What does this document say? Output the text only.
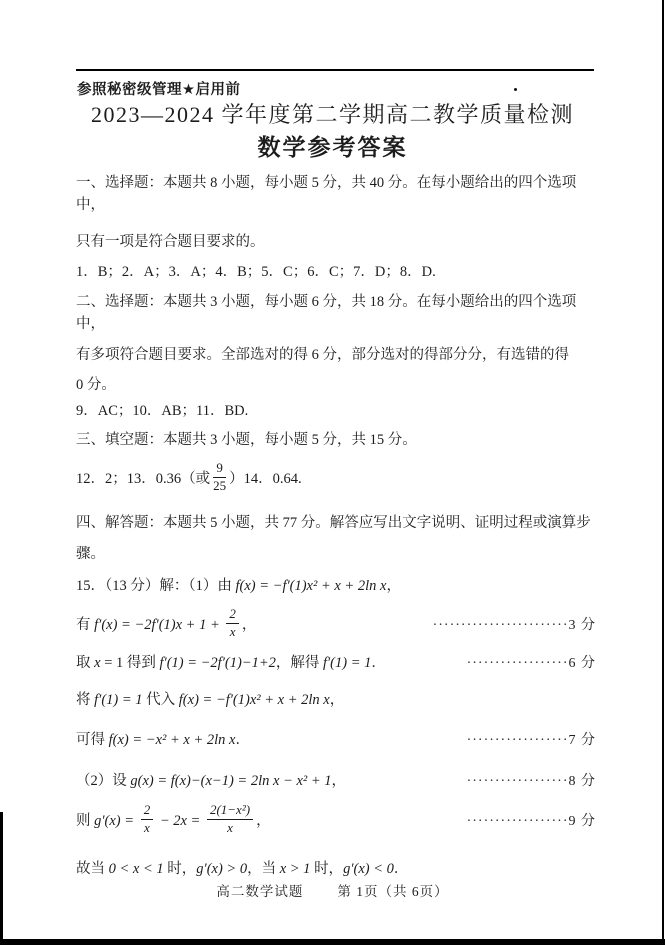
参照秘密级管理★启用前
2023—2024 学年度第二学期高二教学质量检测
数学参考答案
一、选择题：本题共 8 小题，每小题 5 分，共 40 分。在每小题给出的四个选项中，
只有一项是符合题目要求的。
1．B；2．A；3．A；4．B；5．C；6．C；7．D；8．D.
二、选择题：本题共 3 小题，每小题 6 分，共 18 分。在每小题给出的四个选项中，
有多项符合题目要求。全部选对的得 6 分，部分选对的得部分分，有选错的得
0 分。
9．AC；10．AB；11．BD.
三、填空题：本题共 3 小题，每小题 5 分，共 15 分。
12．2；13．0.36（或 $\frac{9}{25} )14$．0.64.
四、解答题：本题共 5 小题，共 77 分。解答应写出文字说明、证明过程或演算步
骤。
15．（13 分）解：（1）由 f(x) = −f′(1)x² + x + 2ln x，
有 $f'(x) = -2f'(1)x + 1 + \frac{2}{x}$ ，	························3 分
取 x = 1 得到 f′(1) = −2f′(1)−1+2，解得 f′(1) = 1．	··················6 分
将 f′(1) = 1 代入 f(x) = −f′(1)x² + x + 2ln x，
可得 f(x) = −x² + x + 2ln x．	··················7 分
（2）设 g(x) = f(x)−(x−1) = 2ln x − x² + 1，	··················8 分
则 $g'(x) = \frac{2}{x} - 2x = \frac{\text{2(1−x²)}}{x}$ ，	··················9 分
故当 0 < x < 1 时，g′(x) > 0，当 x > 1 时，g′(x) < 0．
高二数学试题	第 1页（共 6页）
